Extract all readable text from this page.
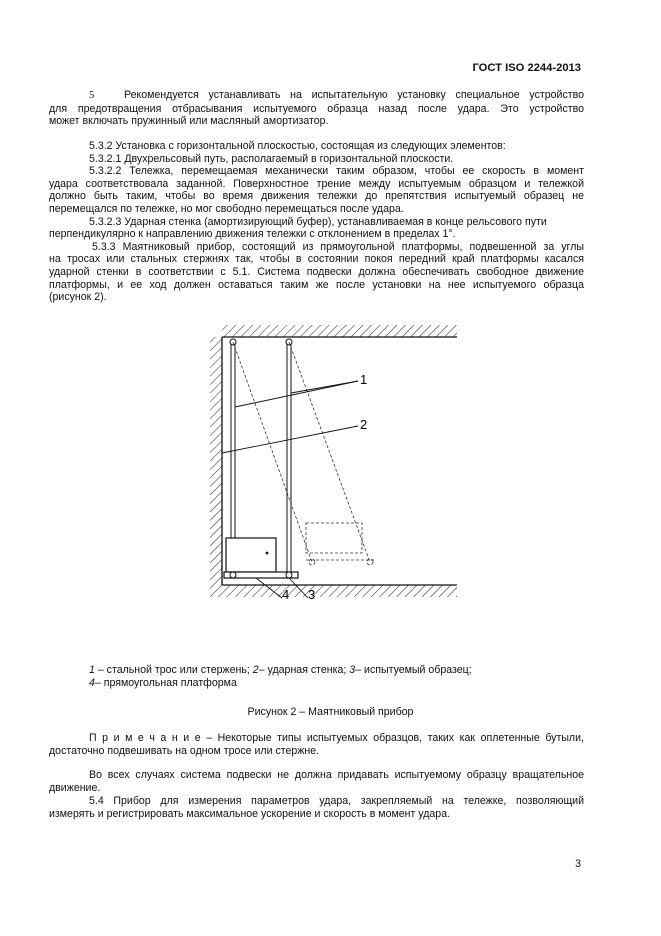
ГОСТ ISO 2244-2013
5	Рекомендуется устанавливать на испытательную установку специальное устройство
для предотвращения отбрасывания испытуемого образца назад после удара. Это устройство
может включать пружинный или масляный амортизатор.
5.3.2 Установка с горизонтальной плоскостью, состоящая из следующих элементов:
5.3.2.1 Двухрельсовый путь, располагаемый в горизонтальной плоскости.
5.3.2.2 Тележка, перемещаемая механически таким образом, чтобы ее скорость в момент
удара соответствовала заданной. Поверхностное трение между испытуемым образцом и тележкой
должно быть таким, чтобы во время движения тележки до препятствия испытуемый образец не
перемещался по тележке, но мог свободно перемещаться после удара.
5.3.2.3 Ударная стенка (амортизирующий буфер), устанавливаемая в конце рельсового пути
перпендикулярно к направлению движения тележки с отклонением в пределах 1°.
5.3.3 Маятниковый прибор, состоящий из прямоугольной платформы, подвешенной за углы
на тросах или стальных стержнях так, чтобы в состоянии покоя передний край платформы касался
ударной стенки в соответствии с 5.1. Система подвески должна обеспечивать свободное движение
платформы, и ее ход должен оставаться таким же после установки на нее испытуемого образца
(рисунок 2).
1
2
3
4
1 – стальной трос или стержень; 2– ударная стенка; 3– испытуемый образец;
4– прямоугольная платформа
Рисунок 2 – Маятниковый прибор
П р и м е ч а н и е – Некоторые типы испытуемых образцов, таких как оплетенные бутыли,
достаточно подвешивать на одном тросе или стержне.
Во всех случаях система подвески не должна придавать испытуемому образцу вращательное
движение.
5.4 Прибор для измерения параметров удара, закрепляемый на тележке, позволяющий
измерять и регистрировать максимальное ускорение и скорость в момент удара.
3
